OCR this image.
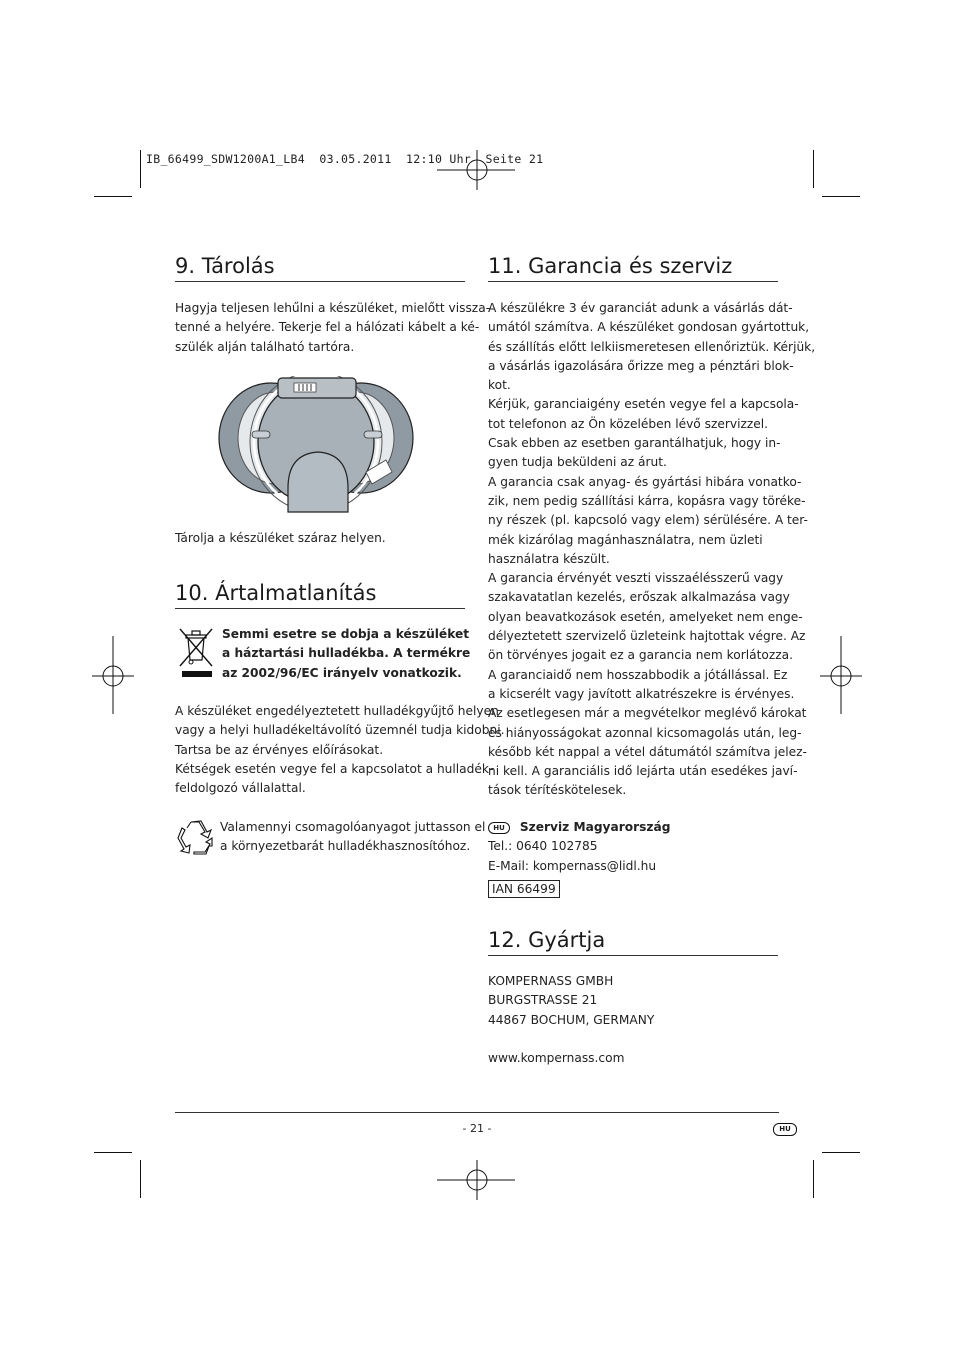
IB_66499_SDW1200A1_LB4  03.05.2011  12:10 Uhr  Seite 21
9. Tárolás

Hagyja teljesen lehűlni a készüléket, mielőtt vissza-

tenné a helyére. Tekerje fel a hálózati kábelt a ké-

szülék alján található tartóra.

Tárolja a készüléket száraz helyen.
10. Ártalmatlanítás

Semmi esetre se dobja a készüléket

a háztartási hulladékba. A termékre

az 2002/96/EC irányelv vonatkozik.

A készüléket engedélyeztetett hulladékgyűjtő helyen

vagy a helyi hulladékeltávolító üzemnél tudja kidobni.

Tartsa be az érvényes előírásokat.

Kétségek esetén vegye fel a kapcsolatot a hulladék-

feldolgozó vállalattal.

Valamennyi csomagolóanyagot juttasson el

a környezetbarát hulladékhasznosítóhoz.

11. Garancia és szerviz

A készülékre 3 év garanciát adunk a vásárlás dát-

umától számítva. A készüléket gondosan gyártottuk,

és szállítás előtt lelkiismeretesen ellenőriztük. Kérjük,

a vásárlás igazolására őrizze meg a pénztári blok-

kot.

Kérjük, garanciaigény esetén vegye fel a kapcsola-

tot telefonon az Ön közelében lévő szervizzel.

Csak ebben az esetben garantálhatjuk, hogy in-

gyen tudja beküldeni az árut.

A garancia csak anyag- és gyártási hibára vonatko-

zik, nem pedig szállítási kárra, kopásra vagy töréke-

ny részek (pl. kapcsoló vagy elem) sérülésére. A ter-

mék kizárólag magánhasználatra, nem üzleti

használatra készült.

A garancia érvényét veszti visszaélésszerű vagy

szakavatatlan kezelés, erőszak alkalmazása vagy

olyan beavatkozások esetén, amelyeket nem enge-

délyeztetett szervizelő üzleteink hajtottak végre. Az

ön törvényes jogait ez a garancia nem korlátozza.

A garanciaidő nem hosszabbodik a jótállással. Ez

a kicserélt vagy javított alkatrészekre is érvényes.

Az esetlegesen már a megvételkor meglévő károkat

és hiányosságokat azonnal kicsomagolás után, leg-

később két nappal a vétel dátumától számítva jelez-

ni kell. A garanciális idő lejárta után esedékes javí-

tások térítéskötelesek.

HU Szerviz Magyarország

Tel.: 0640 102785

E-Mail: kompernass@lidl.hu

IAN 66499

12. Gyártja

KOMPERNASS GMBH

BURGSTRASSE 21

44867 BOCHUM, GERMANY

www.kompernass.com
- 21 -	HU
